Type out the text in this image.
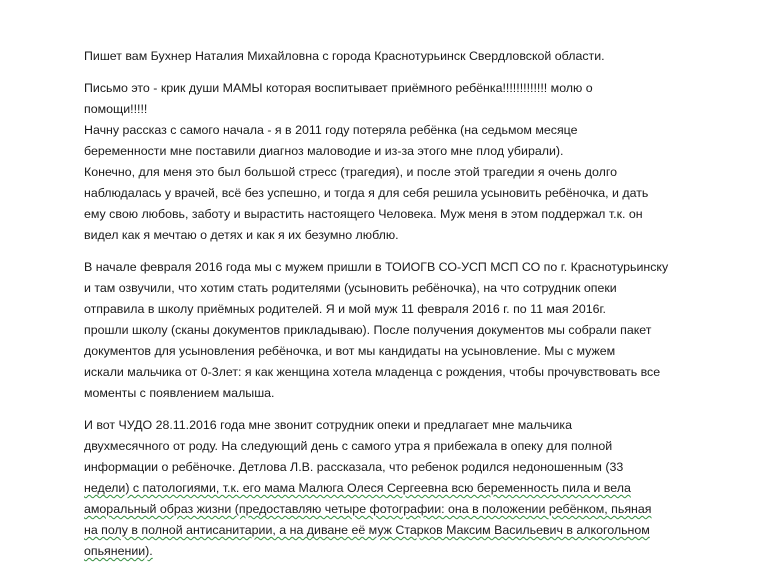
Пишет вам Бухнер Наталия Михайловна с города Краснотурьинск Свердловской области.

Письмо это - крик души МАМЫ которая воспитывает приёмного ребёнка!!!!!!!!!!!!! молю о

помощи!!!!!

Начну рассказ с самого начала - я в 2011 году потеряла ребёнка (на седьмом месяце

беременности мне поставили диагноз маловодие и из-за этого мне плод убирали).

Конечно, для меня это был большой стресс (трагедия), и после этой трагедии я очень долго

наблюдалась у врачей, всё без успешно, и тогда я для себя решила усыновить ребёночка, и дать

ему свою любовь, заботу и вырастить настоящего Человека. Муж меня в этом поддержал т.к. он

видел как я мечтаю о детях и как я их безумно люблю.

В начале февраля 2016 года мы с мужем пришли в ТОИОГВ СО-УСП МСП СО по г. Краснотурьинску

и там озвучили, что хотим стать родителями (усыновить ребёночка), на что сотрудник опеки

отправила в школу приёмных родителей. Я и мой муж 11 февраля 2016 г. по 11 мая 2016г.

прошли школу (сканы документов прикладываю). После получения документов мы собрали пакет

документов для усыновления ребёночка, и вот мы кандидаты на усыновление. Мы с мужем

искали мальчика от 0-3лет: я как женщина хотела младенца с рождения, чтобы прочувствовать все

моменты с появлением малыша.

И вот ЧУДО 28.11.2016 года мне звонит сотрудник опеки и предлагает мне мальчика

двухмесячного от роду. На следующий день с самого утра я прибежала в опеку для полной

информации о ребёночке. Детлова Л.В. рассказала, что ребенок родился недоношенным (33

недели) с патологиями, т.к. его мама Малюга Олеся Сергеевна всю беременность пила и вела

аморальный образ жизни (предоставляю четыре фотографии: она в положении ребёнком, пьяная

на полу в полной антисанитарии, а на диване её муж Старков Максим Васильевич в алкогольном

опьянении).
